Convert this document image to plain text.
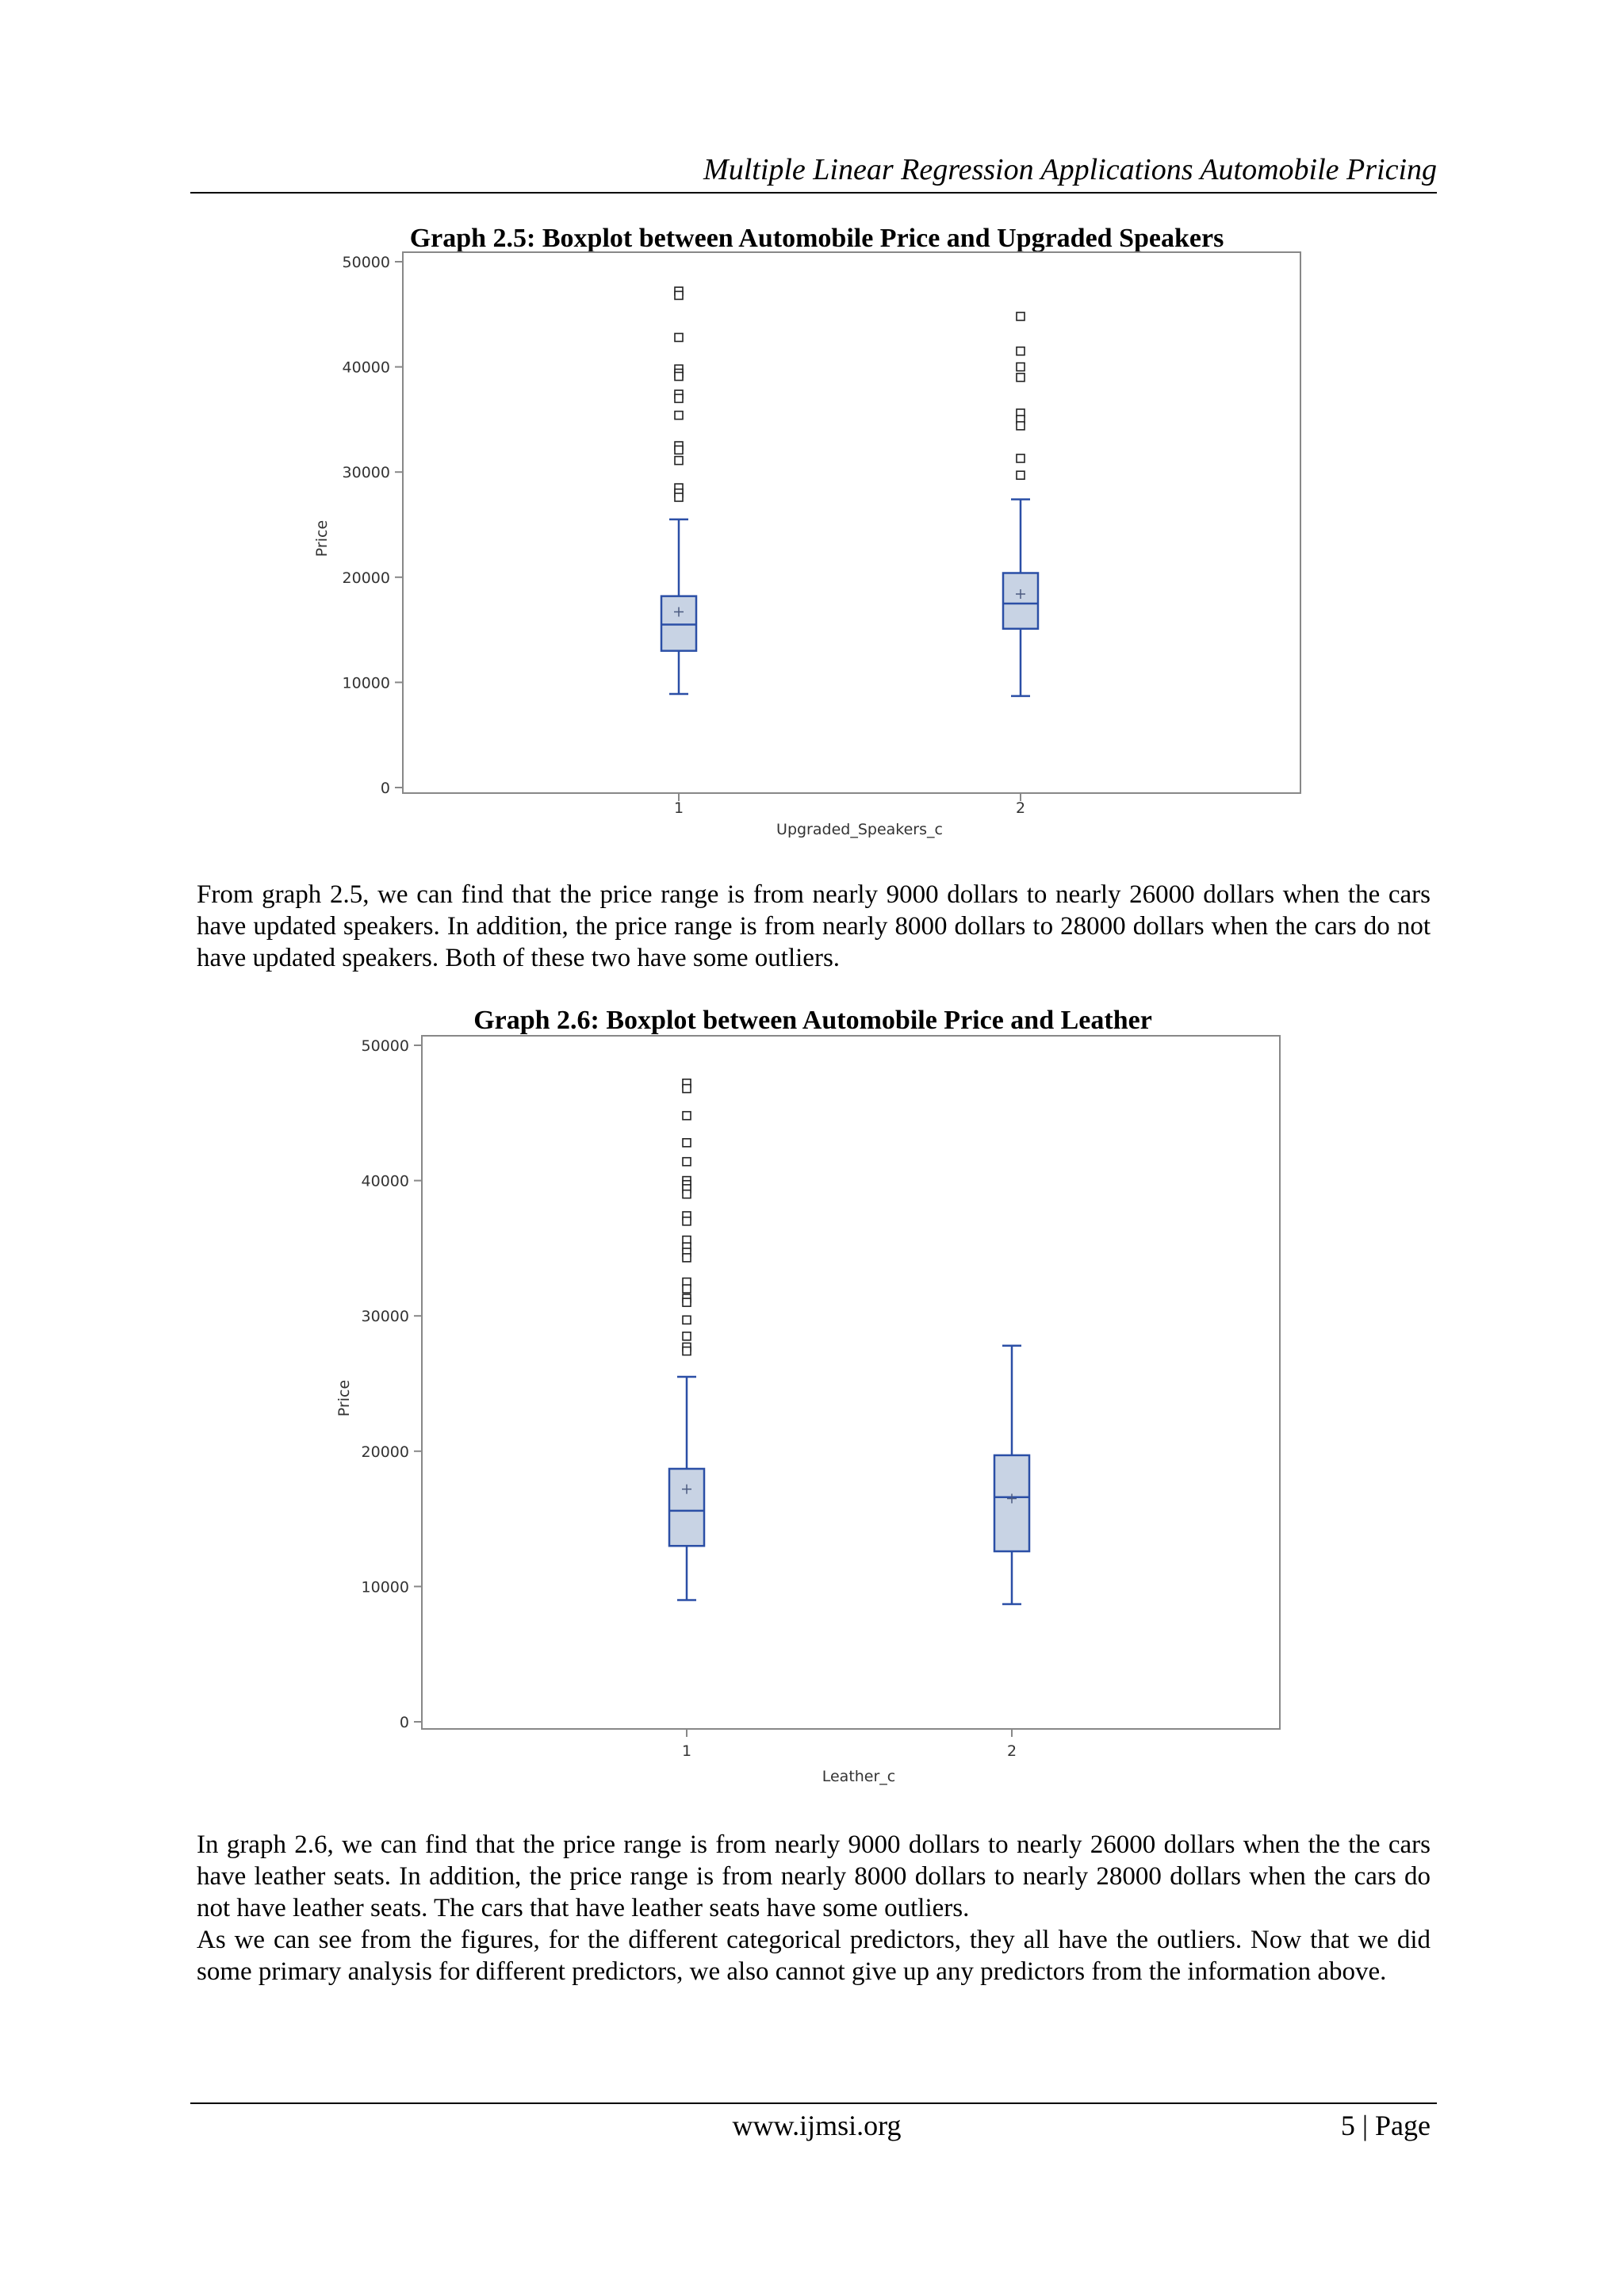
Multiple Linear Regression Applications Automobile Pricing
Graph 2.5: Boxplot between Automobile Price and Upgraded Speakers
0
10000
20000
30000
40000
50000
1	2
Upgraded_Speakers_c
Price

From graph 2.5, we can find that the price range is from nearly 9000 dollars to nearly 26000 dollars when the cars have updated speakers. In addition, the price range is from nearly 8000 dollars to 28000 dollars when the cars do not have updated speakers. Both of these two have some outliers.

Graph 2.6: Boxplot between Automobile Price and Leather
0
10000
20000
30000
40000
50000
1	2
Leather_c
Price

In graph 2.6, we can find that the price range is from nearly 9000 dollars to nearly 26000 dollars when the the cars have leather seats. In addition, the price range is from nearly 8000 dollars to nearly 28000 dollars when the cars do not have leather seats. The cars that have leather seats have some outliers.

As we can see from the figures, for the different categorical predictors, they all have the outliers. Now that we did some primary analysis for different predictors, we also cannot give up any predictors from the information above.

www.ijmsi.org	5 | Page
